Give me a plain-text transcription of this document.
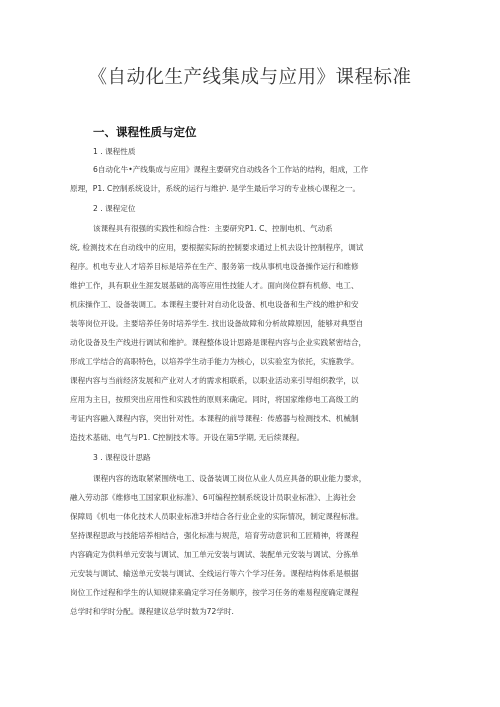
《自动化生产线集成与应用》课程标准
一、课程性质与定位
1 . 课程性质
6自动化牛•产线集成与应用》课程主要研究自动线各个工作站的结构，组成，工作
原理，P1. C控制系统设计，系统的运行与维护. 是学生最后学习的专业核心课程之一。
2 . 课程定位
该课程具有很强的实践性和综合性：主要研究P1. C、控制电机、气动系
统, 检测技术在自动线中的应用，要根据实际的控制要求通过上机去设计控制程序，调试
程序。机电专业人才培养目标是培养在生产、服务第一线从事机电设备操作运行和维修
维护工作，具有职业生涯发展基础的高等应用性技能人才。面向岗位群有机修、电工、
机床操作工、设备装调工。本课程主要针对自动化设备、机电设备和生产线的维护和安
装等岗位开设。主要培养任务时培养学生. 找出设备故障和分析故障原因，能够对典型自
动化设备及生产线进行调试和维护。课程整体设计思路是课程内容与企业实践紧密结合，
形成工学结合的高职特色，以培养学生动手能力为核心，以实验室为依托，实施教学。
课程内容与当前经济发展和产业对人才的需求相联系，以职业活动来引导组织教学，以
应用为主日，按照突出应用性和实践性的原则来确定。同时，将国家维修电工高级工的
考证内容融入课程内容，突出针对性。本课程的前导课程：传感器与检测技术、机械制
造技术基础、电气与P1. C控制技术等。开设在第5学期, 无后续课程。
3 . 课程设计思路
课程内容的选取紧紧围绕电工、设备装调工岗位从业人员应具备的职业能力要求，
融入劳动部《维修电工国家职业标准》、6可编程控制系统设计员职业标准》、上海社会
保障局《机电一体化技术人员职业标准3并结合各行业企业的实际情况，制定课程标准。
坚持课程思政与技能培养相结合，强化标准与规范，培育劳动意识和工匠精神，将课程
内容确定为供料单元安装与调试、加工单元安装与调试、装配单元安装与调试、分拣单
元安装与调试、输送单元安装与调试、全线运行等六个学习任务。课程结构体系是根据
岗位工作过程和学生的认知规律来确定学习任务顺序，按学习任务的难易程度确定课程
总学时和学时分配。课程建议总学时数为72学时.
